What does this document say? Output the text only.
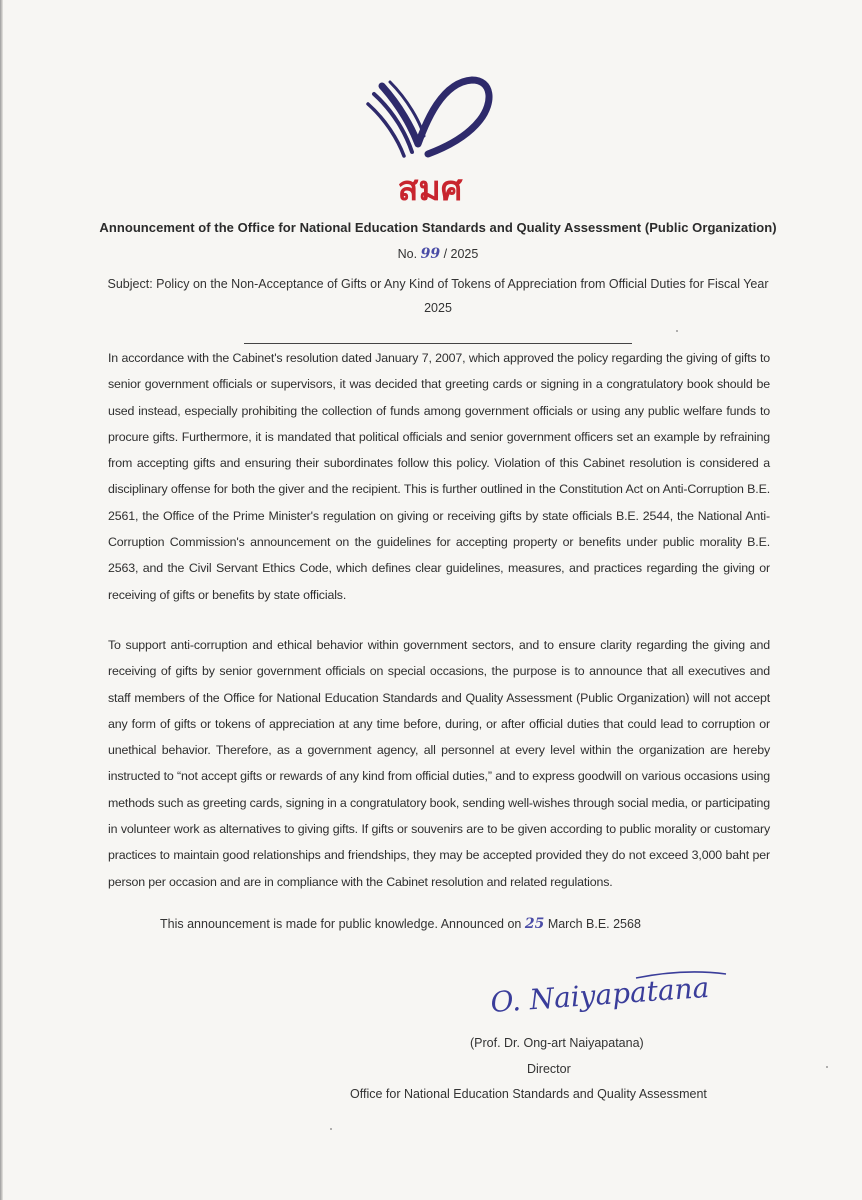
สมศ
Announcement of the Office for National Education Standards and Quality Assessment (Public Organization)
No. 99 / 2025
Subject: Policy on the Non-Acceptance of Gifts or Any Kind of Tokens of Appreciation from Official Duties for Fiscal Year 2025
In accordance with the Cabinet's resolution dated January 7, 2007, which approved the policy regarding the giving of gifts to senior government officials or supervisors, it was decided that greeting cards or signing in a congratulatory book should be used instead, especially prohibiting the collection of funds among government officials or using any public welfare funds to procure gifts. Furthermore, it is mandated that political officials and senior government officers set an example by refraining from accepting gifts and ensuring their subordinates follow this policy. Violation of this Cabinet resolution is considered a disciplinary offense for both the giver and the recipient. This is further outlined in the Constitution Act on Anti-Corruption B.E. 2561, the Office of the Prime Minister's regulation on giving or receiving gifts by state officials B.E. 2544, the National Anti-Corruption Commission's announcement on the guidelines for accepting property or benefits under public morality B.E. 2563, and the Civil Servant Ethics Code, which defines clear guidelines, measures, and practices regarding the giving or receiving of gifts or benefits by state officials.
To support anti-corruption and ethical behavior within government sectors, and to ensure clarity regarding the giving and receiving of gifts by senior government officials on special occasions, the purpose is to announce that all executives and staff members of the Office for National Education Standards and Quality Assessment (Public Organization) will not accept any form of gifts or tokens of appreciation at any time before, during, or after official duties that could lead to corruption or unethical behavior. Therefore, as a government agency, all personnel at every level within the organization are hereby instructed to “not accept gifts or rewards of any kind from official duties,” and to express goodwill on various occasions using methods such as greeting cards, signing in a congratulatory book, sending well-wishes through social media, or participating in volunteer work as alternatives to giving gifts. If gifts or souvenirs are to be given according to public morality or customary practices to maintain good relationships and friendships, they may be accepted provided they do not exceed 3,000 baht per person per occasion and are in compliance with the Cabinet resolution and related regulations.
This announcement is made for public knowledge. Announced on 25 March B.E. 2568
O. Naiyapatana
(Prof. Dr. Ong-art Naiyapatana)
Director
Office for National Education Standards and Quality Assessment
